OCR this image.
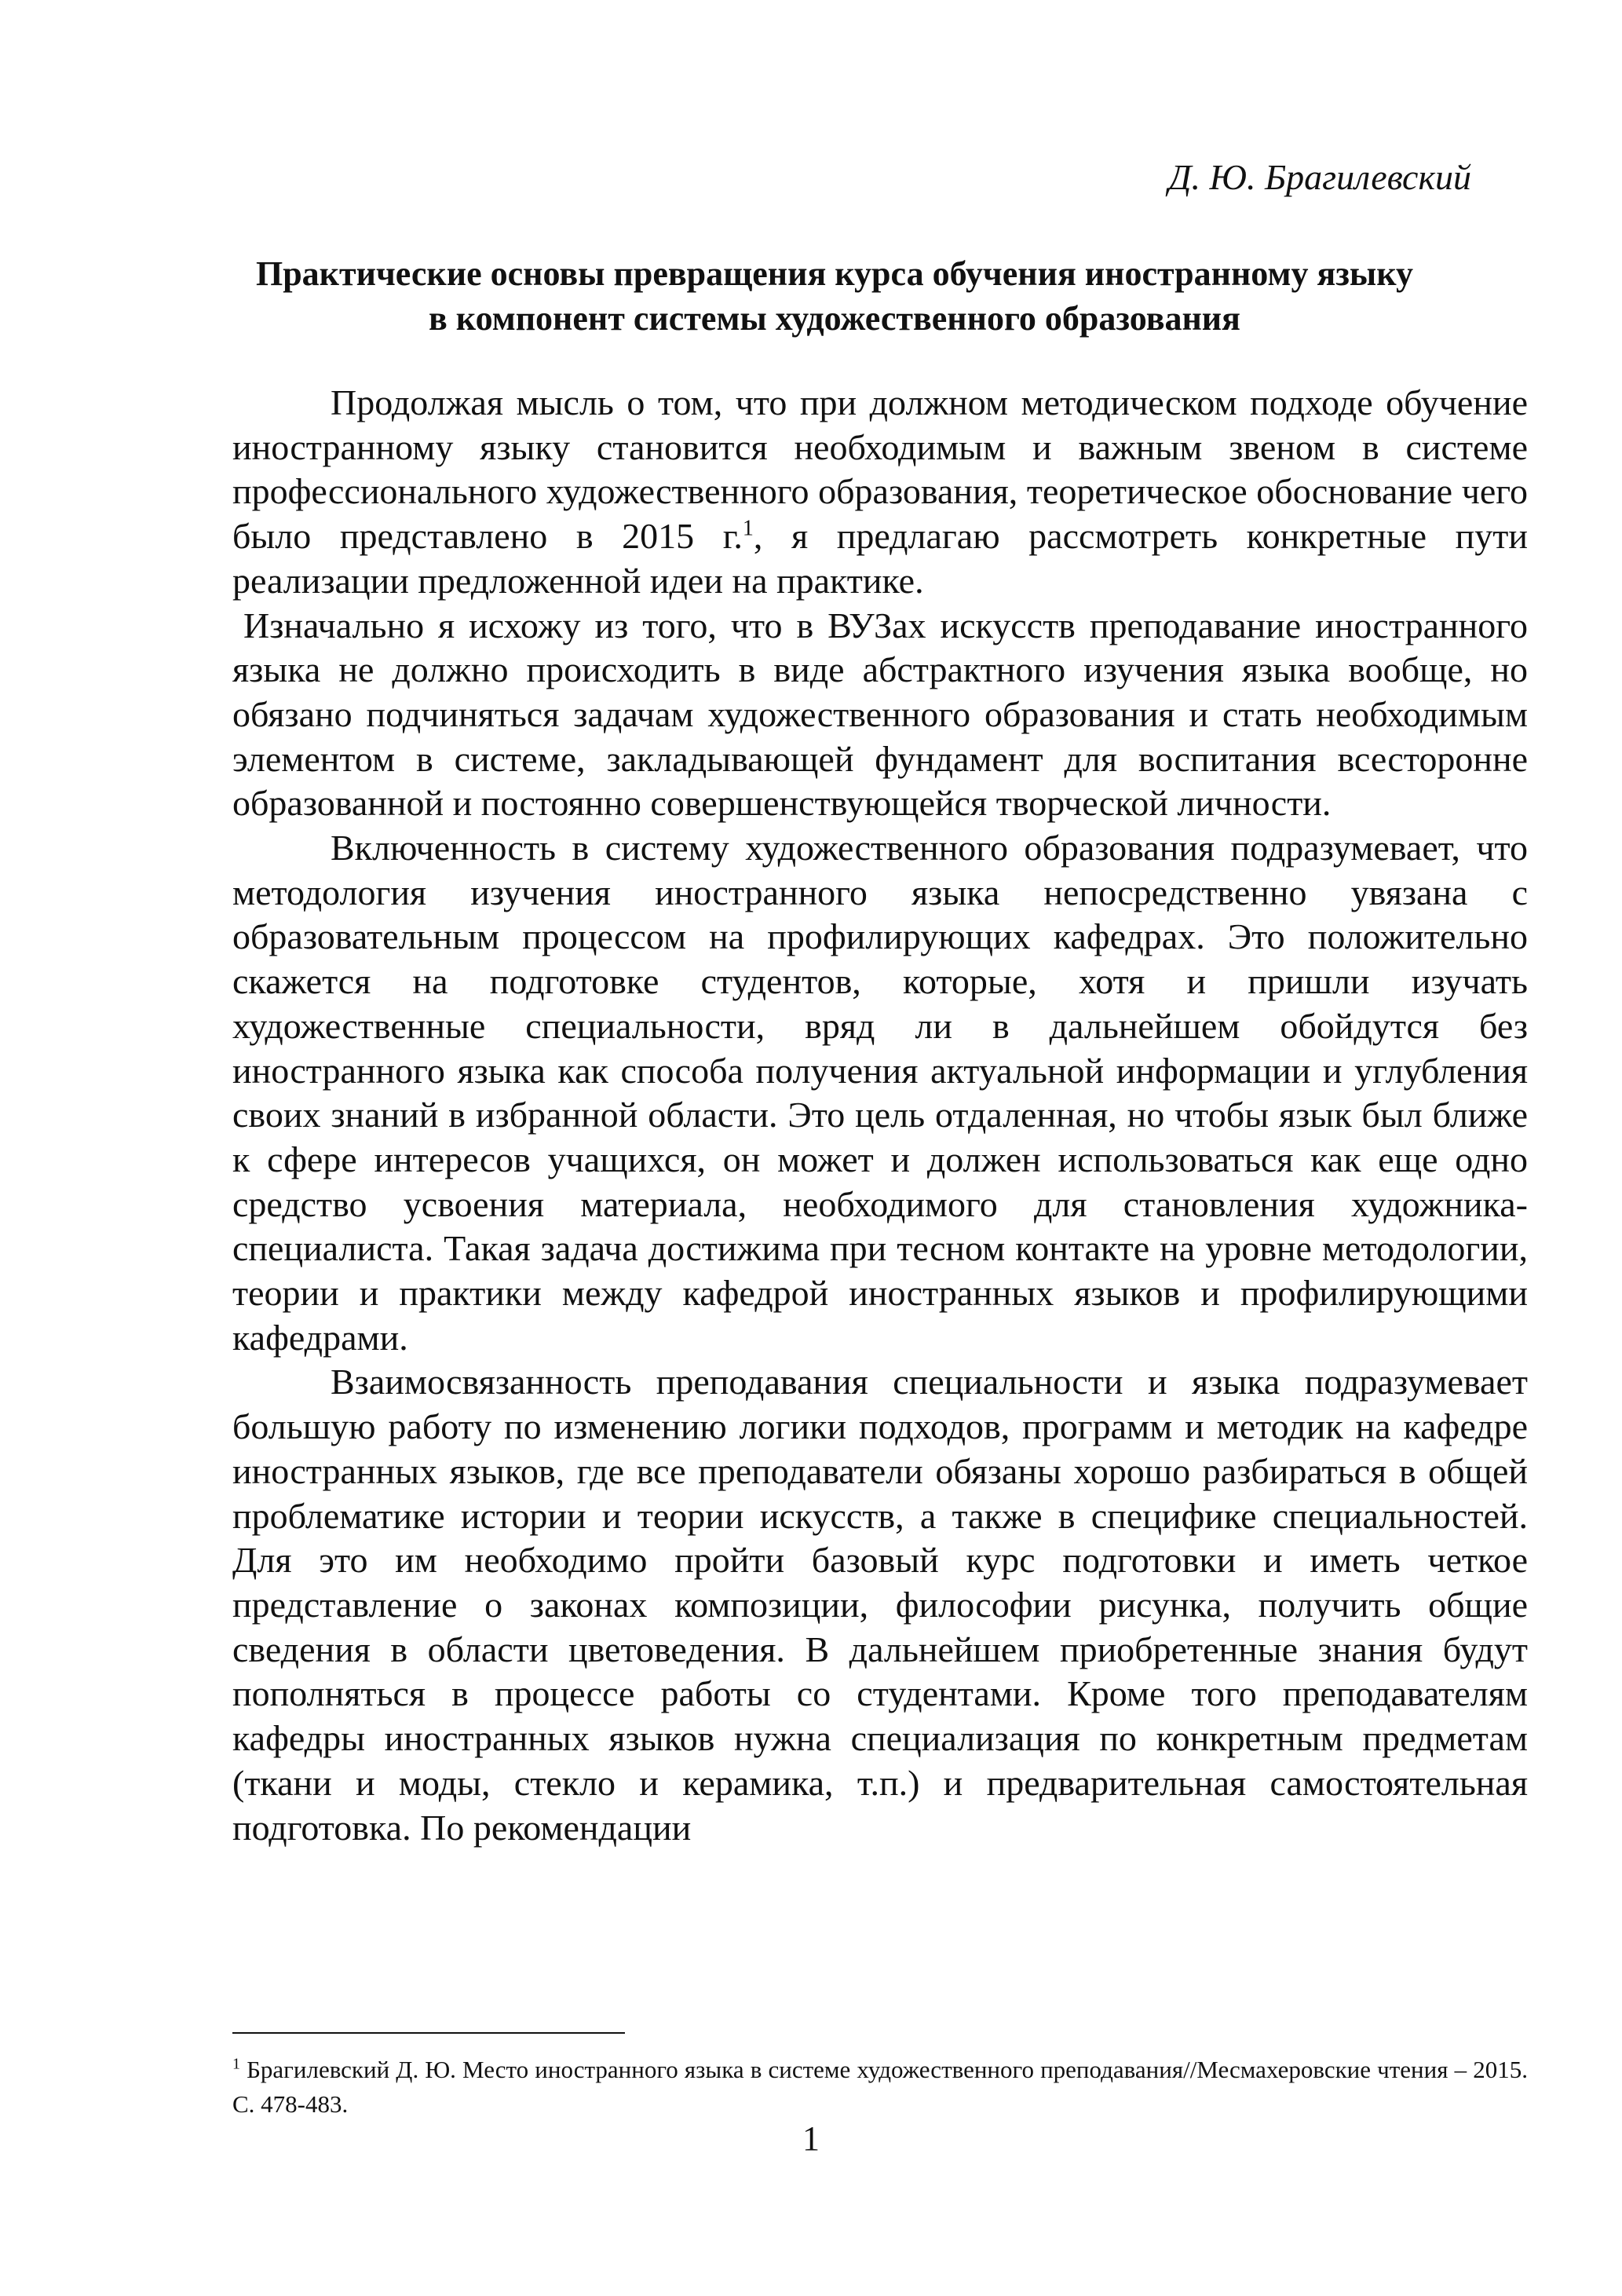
Д. Ю. Брагилевский
Практические основы превращения курса обучения иностранному языку
в компонент системы художественного образования

Продолжая мысль о том, что при должном методическом подходе обучение иностранному языку становится необходимым и важным звеном в системе профессионального художественного образования, теоретическое обоснование чего было представлено в 2015 г.$^1$, я предлагаю рассмотреть конкретные пути реализации предложенной идеи на практике.

Изначально я исхожу из того, что в ВУЗах искусств преподавание иностранного языка не должно происходить в виде абстрактного изучения языка вообще, но обязано подчиняться задачам художественного образования и стать необходимым элементом в системе, закладывающей фундамент для воспитания всесторонне образованной и постоянно совершенствующейся творческой личности.

Включенность в систему художественного образования подразумевает, что методология изучения иностранного языка непосредственно увязана с образовательным процессом на профилирующих кафедрах. Это положительно скажется на подготовке студентов, которые, хотя и пришли изучать художественные специальности, вряд ли в дальнейшем обойдутся без иностранного языка как способа получения актуальной информации и углубления своих знаний в избранной области. Это цель отдаленная, но чтобы язык был ближе к сфере интересов учащихся, он может и должен использоваться как еще одно средство усвоения материала, необходимого для становления художника-специалиста. Такая задача достижима при тесном контакте на уровне методологии, теории и практики между кафедрой иностранных языков и профилирующими кафедрами.

Взаимосвязанность преподавания специальности и языка подразумевает большую работу по изменению логики подходов, программ и методик на кафедре иностранных языков, где все преподаватели обязаны хорошо разбираться в общей проблематике истории и теории искусств, а также в специфике специальностей. Для это им необходимо пройти базовый курс подготовки и иметь четкое представление о законах композиции, философии рисунка, получить общие сведения в области цветоведения. В дальнейшем приобретенные знания будут пополняться в процессе работы со студентами. Кроме того преподавателям кафедры иностранных языков нужна специализация по конкретным предметам (ткани и моды, стекло и керамика, т.п.) и предварительная самостоятельная подготовка. По рекомендации

$^1$ Брагилевский Д. Ю. Место иностранного языка в системе художественного преподавания//Месмахеровские чтения – 2015. С. 478-483.
1
